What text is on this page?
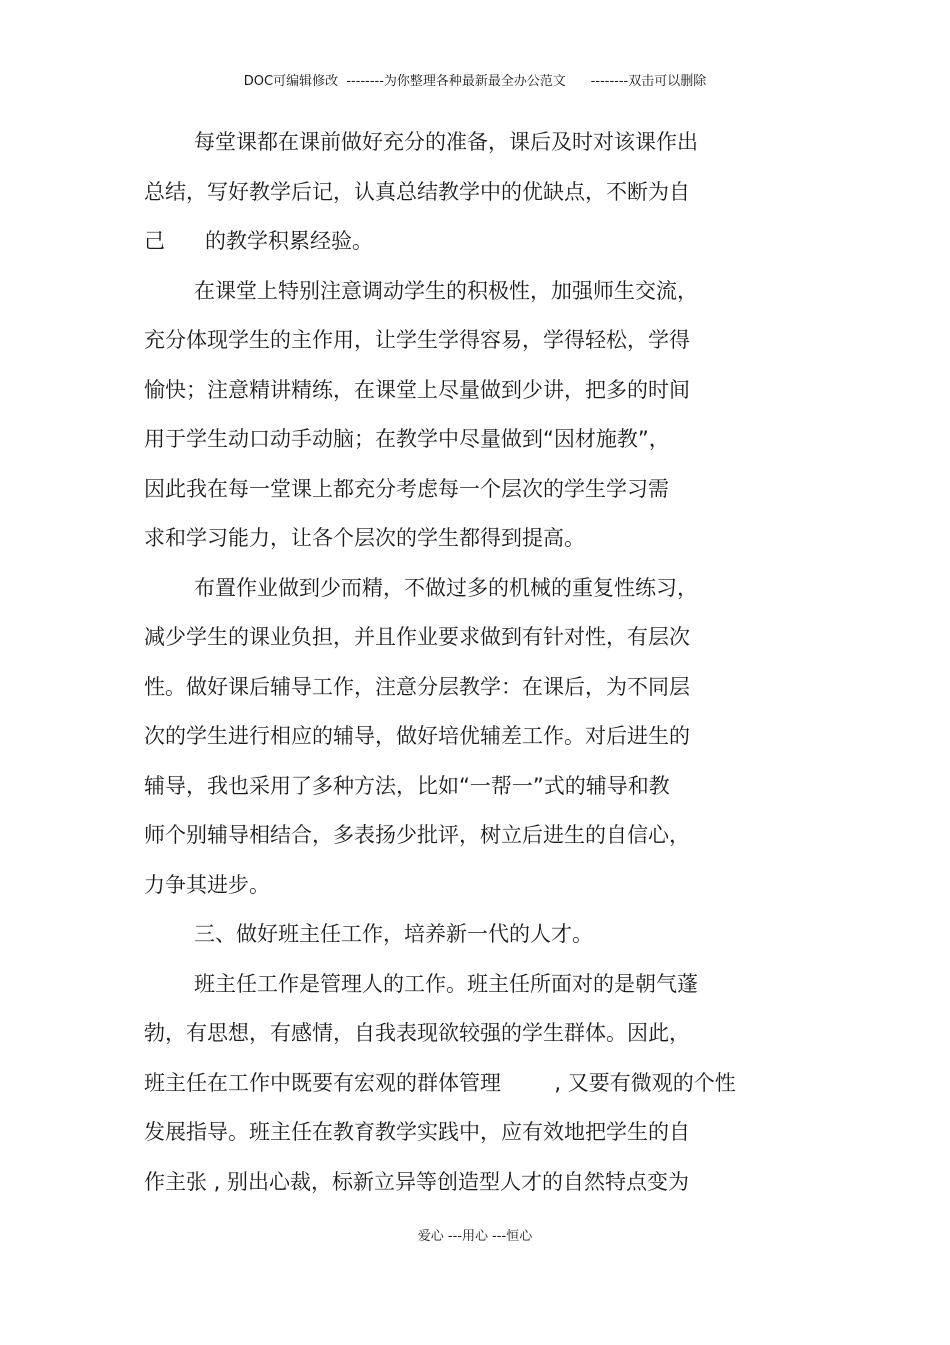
DOC可编辑修改  --------为你整理各种最新最全办公范文      --------双击可以删除
每堂课都在课前做好充分的准备，课后及时对该课作出
总结，写好教学后记，认真总结教学中的优缺点，不断为自
己      的教学积累经验。
在课堂上特别注意调动学生的积极性，加强师生交流，
充分体现学生的主作用，让学生学得容易，学得轻松，学得
愉快；注意精讲精练，在课堂上尽量做到少讲，把多的时间
用于学生动口动手动脑；在教学中尽量做到“因材施教”，
因此我在每一堂课上都充分考虑每一个层次的学生学习需
求和学习能力，让各个层次的学生都得到提高。
布置作业做到少而精，不做过多的机械的重复性练习，
减少学生的课业负担，并且作业要求做到有针对性，有层次
性。做好课后辅导工作，注意分层教学：在课后，为不同层
次的学生进行相应的辅导，做好培优辅差工作。对后进生的
辅导，我也采用了多种方法，比如“一帮一”式的辅导和教
师个别辅导相结合，多表扬少批评，树立后进生的自信心，
力争其进步。
三、做好班主任工作，培养新一代的人才。
班主任工作是管理人的工作。班主任所面对的是朝气蓬
勃，有思想，有感情，自我表现欲较强的学生群体。因此，
班主任在工作中既要有宏观的群体管理        , 又要有微观的个性
发展指导。班主任在教育教学实践中，应有效地把学生的自
作主张 , 别出心裁，标新立异等创造型人才的自然特点变为
爱心 ---用心 ---恒心
